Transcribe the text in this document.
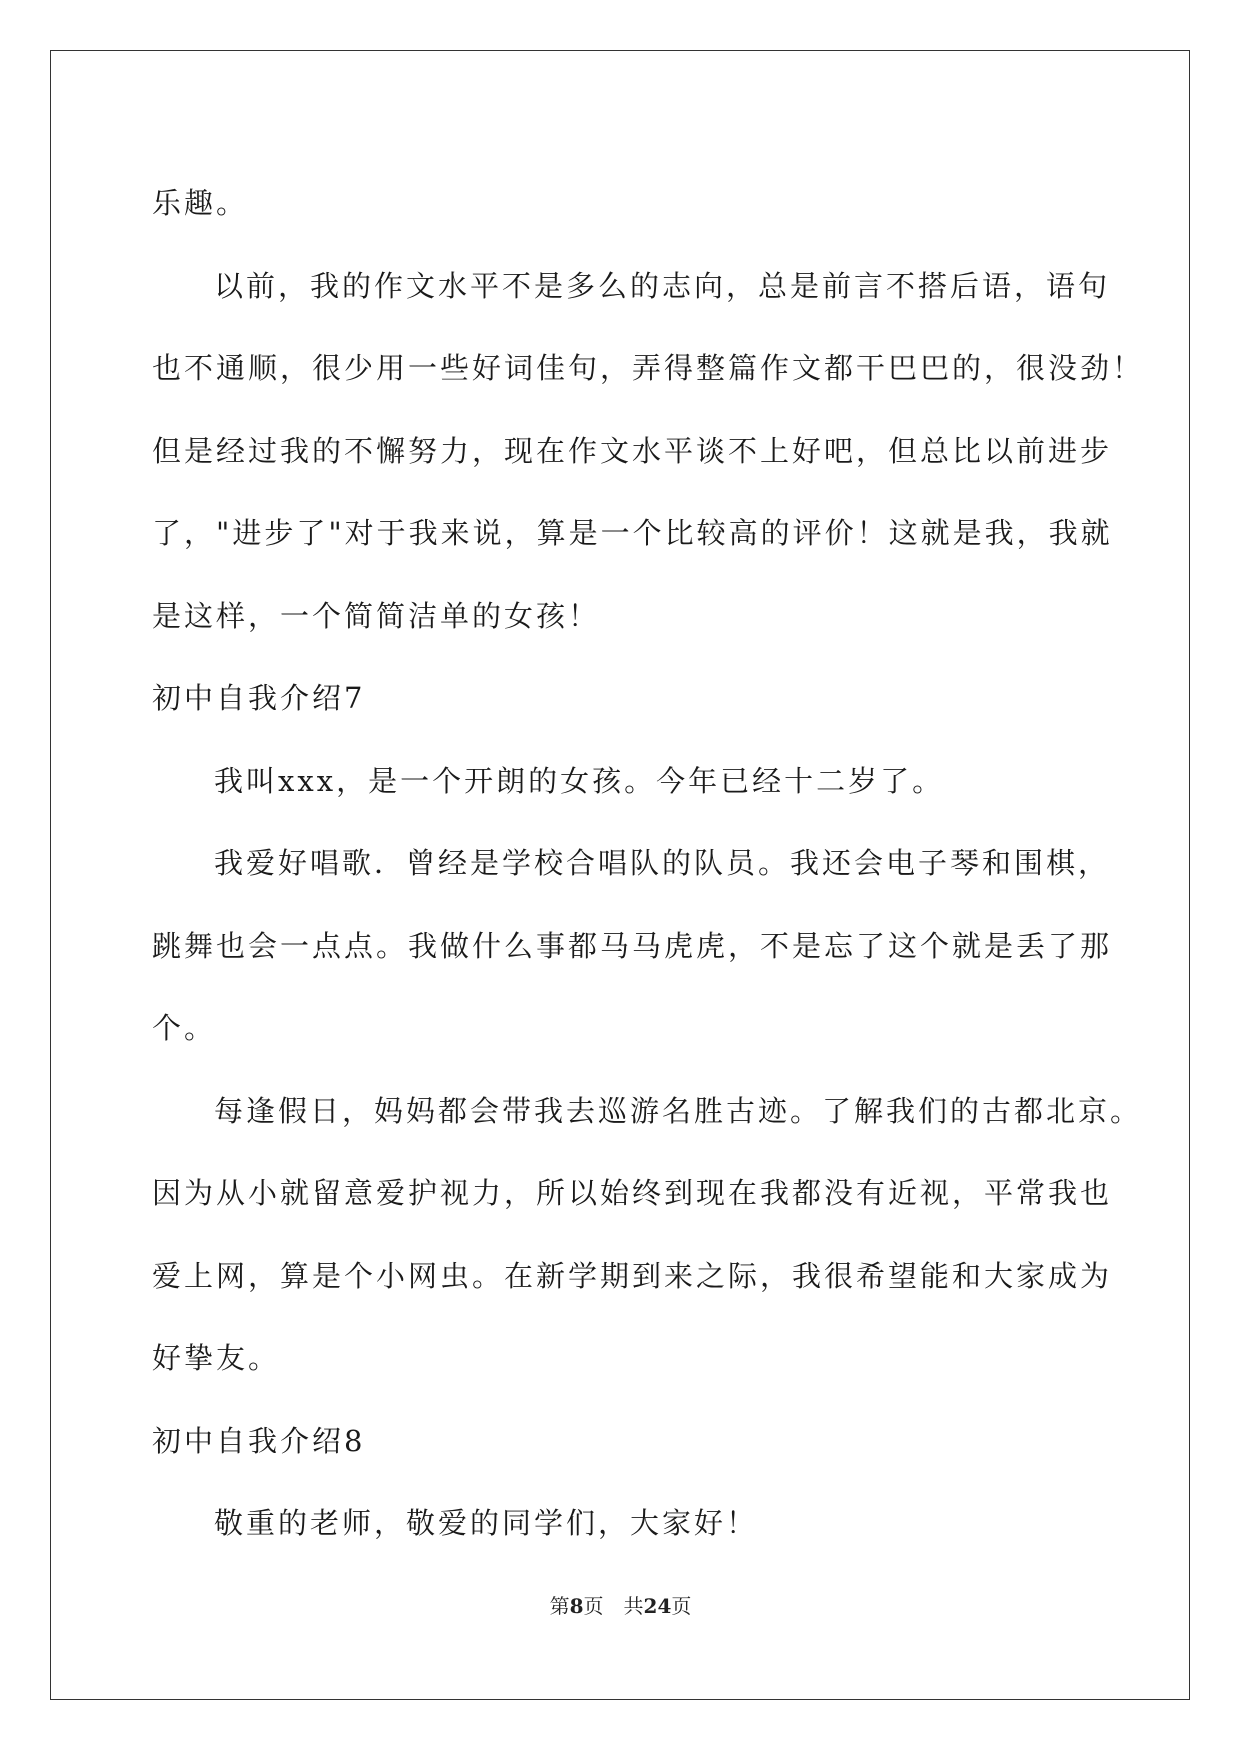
乐趣。
以前，我的作文水平不是多么的志向，总是前言不搭后语，语句
也不通顺，很少用一些好词佳句，弄得整篇作文都干巴巴的，很没劲！
但是经过我的不懈努力，现在作文水平谈不上好吧，但总比以前进步
了，"进步了"对于我来说，算是一个比较高的评价！这就是我，我就
是这样，一个简简洁单的女孩！
初中自我介绍7
我叫xxx，是一个开朗的女孩。今年已经十二岁了。
我爱好唱歌．曾经是学校合唱队的队员。我还会电子琴和围棋，
跳舞也会一点点。我做什么事都马马虎虎，不是忘了这个就是丢了那
个。
每逢假日，妈妈都会带我去巡游名胜古迹。了解我们的古都北京。
因为从小就留意爱护视力，所以始终到现在我都没有近视，平常我也
爱上网，算是个小网虫。在新学期到来之际，我很希望能和大家成为
好挚友。
初中自我介绍8
敬重的老师，敬爱的同学们，大家好！
第8页　共24页
